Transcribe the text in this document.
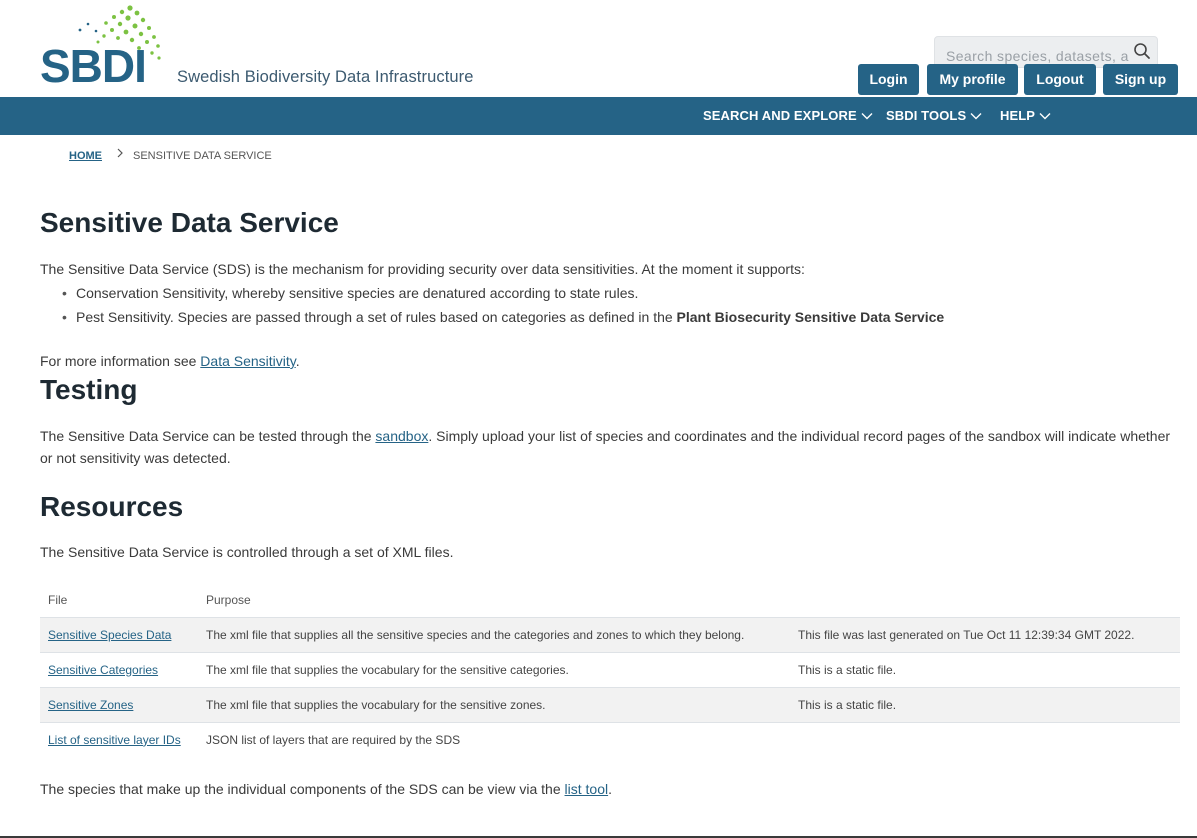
SBDI Swedish Biodiversity Data Infrastructure
Search species, datasets, a	Login	My profile	Logout	Sign up
SEARCH AND EXPLORE	SBDI TOOLS	HELP
HOME	SENSITIVE DATA SERVICE
Sensitive Data Service

The Sensitive Data Service (SDS) is the mechanism for providing security over data sensitivities. At the moment it supports:

• Conservation Sensitivity, whereby sensitive species are denatured according to state rules.
• Pest Sensitivity. Species are passed through a set of rules based on categories as defined in the Plant Biosecurity Sensitive Data Service

For more information see Data Sensitivity.

Testing

The Sensitive Data Service can be tested through the sandbox. Simply upload your list of species and coordinates and the individual record pages of the sandbox will indicate whether or not sensitivity was detected.

Resources

The Sensitive Data Service is controlled through a set of XML files.

File	Purpose	
Sensitive Species Data	The xml file that supplies all the sensitive species and the categories and zones to which they belong.	This file was last generated on Tue Oct 11 12:39:34 GMT 2022.
Sensitive Categories	The xml file that supplies the vocabulary for the sensitive categories.	This is a static file.
Sensitive Zones	The xml file that supplies the vocabulary for the sensitive zones.	This is a static file.
List of sensitive layer IDs	JSON list of layers that are required by the SDS	

The species that make up the individual components of the SDS can be view via the list tool.
